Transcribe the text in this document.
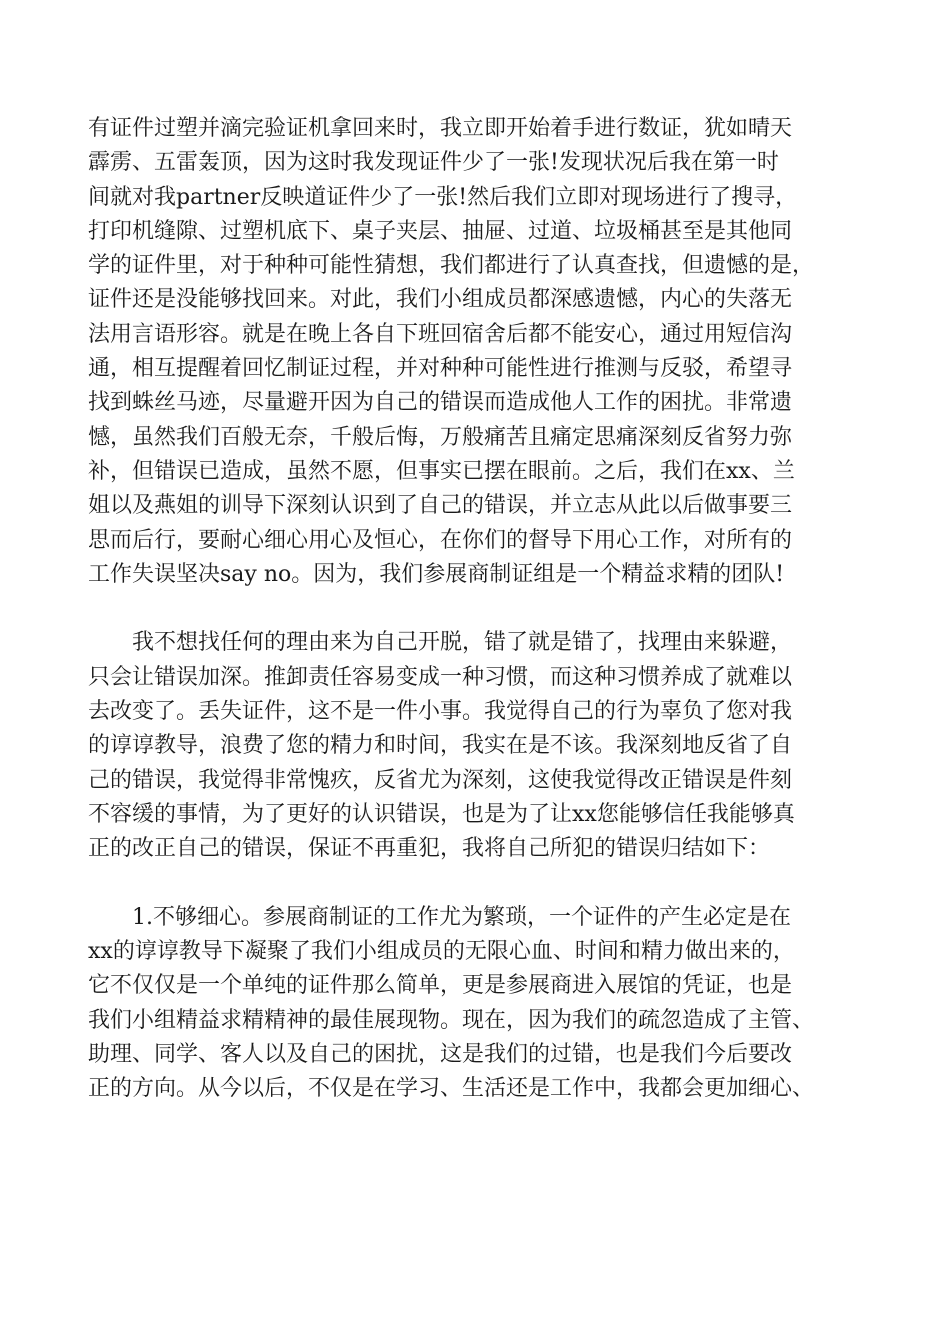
有证件过塑并滴完验证机拿回来时，我立即开始着手进行数证，犹如晴天
霹雳、五雷轰顶，因为这时我发现证件少了一张!发现状况后我在第一时
间就对我partner反映道证件少了一张!然后我们立即对现场进行了搜寻，
打印机缝隙、过塑机底下、桌子夹层、抽屉、过道、垃圾桶甚至是其他同
学的证件里，对于种种可能性猜想，我们都进行了认真查找，但遗憾的是，
证件还是没能够找回来。对此，我们小组成员都深感遗憾，内心的失落无
法用言语形容。就是在晚上各自下班回宿舍后都不能安心，通过用短信沟
通，相互提醒着回忆制证过程，并对种种可能性进行推测与反驳，希望寻
找到蛛丝马迹，尽量避开因为自己的错误而造成他人工作的困扰。非常遗
憾，虽然我们百般无奈，千般后悔，万般痛苦且痛定思痛深刻反省努力弥
补，但错误已造成，虽然不愿，但事实已摆在眼前。之后，我们在xx、兰
姐以及燕姐的训导下深刻认识到了自己的错误，并立志从此以后做事要三
思而后行，要耐心细心用心及恒心，在你们的督导下用心工作，对所有的
工作失误坚决say no。因为，我们参展商制证组是一个精益求精的团队!
　　我不想找任何的理由来为自己开脱，错了就是错了，找理由来躲避，
只会让错误加深。推卸责任容易变成一种习惯，而这种习惯养成了就难以
去改变了。丢失证件，这不是一件小事。我觉得自己的行为辜负了您对我
的谆谆教导，浪费了您的精力和时间，我实在是不该。我深刻地反省了自
己的错误，我觉得非常愧疚，反省尤为深刻，这使我觉得改正错误是件刻
不容缓的事情，为了更好的认识错误，也是为了让xx您能够信任我能够真
正的改正自己的错误，保证不再重犯，我将自己所犯的错误归结如下：
　　1.不够细心。参展商制证的工作尤为繁琐，一个证件的产生必定是在
xx的谆谆教导下凝聚了我们小组成员的无限心血、时间和精力做出来的，
它不仅仅是一个单纯的证件那么简单，更是参展商进入展馆的凭证，也是
我们小组精益求精精神的最佳展现物。现在，因为我们的疏忽造成了主管、
助理、同学、客人以及自己的困扰，这是我们的过错，也是我们今后要改
正的方向。从今以后，不仅是在学习、生活还是工作中，我都会更加细心、
